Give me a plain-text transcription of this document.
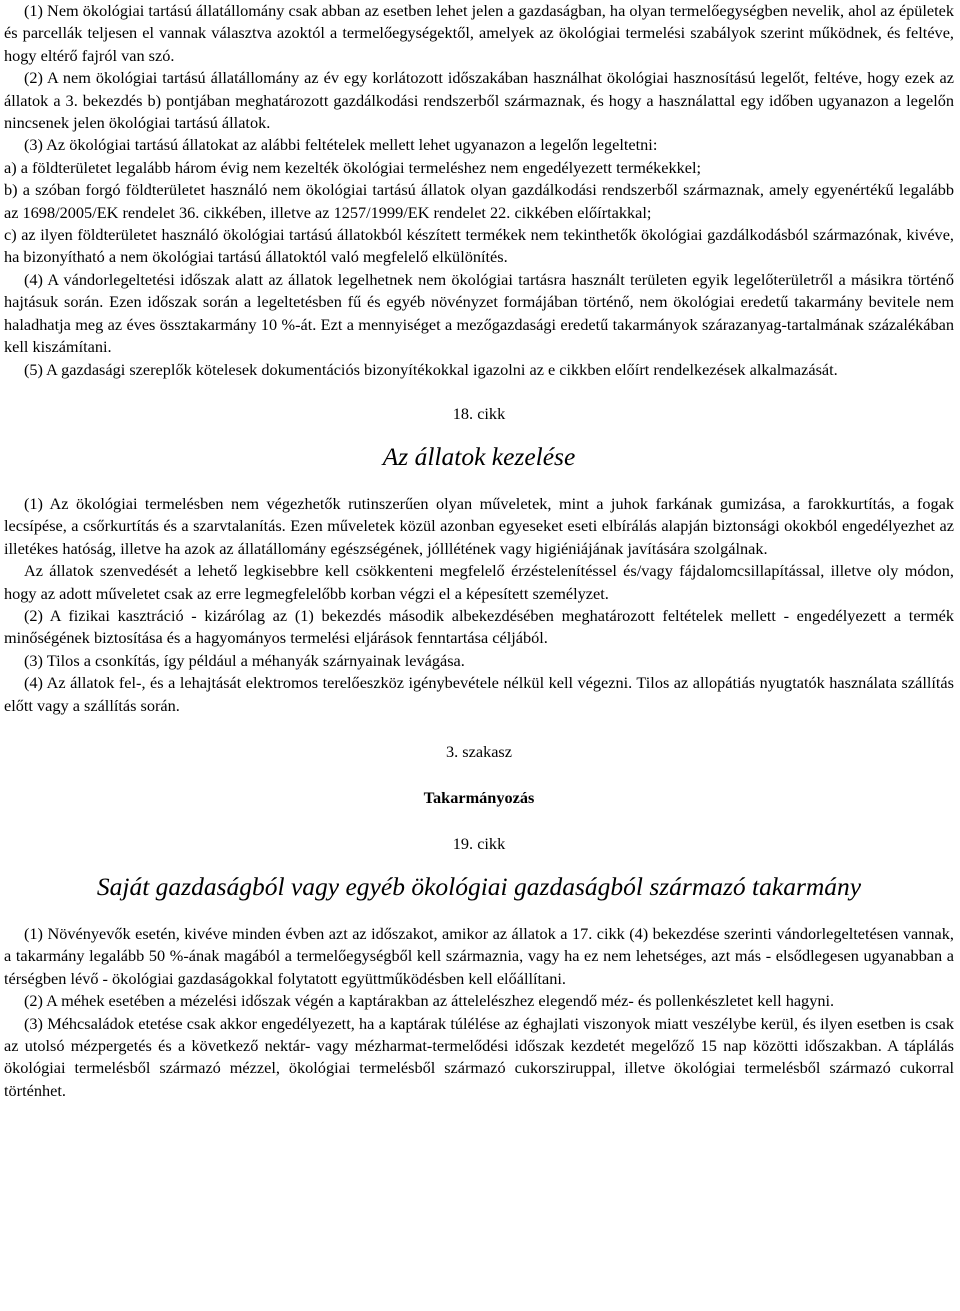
(1) Nem ökológiai tartású állatállomány csak abban az esetben lehet jelen a gazdaságban, ha olyan termelőegységben nevelik, ahol az épületek és parcellák teljesen el vannak választva azoktól a termelőegységektől, amelyek az ökológiai termelési szabályok szerint működnek, és feltéve, hogy eltérő fajról van szó.

(2) A nem ökológiai tartású állatállomány az év egy korlátozott időszakában használhat ökológiai hasznosítású legelőt, feltéve, hogy ezek az állatok a 3. bekezdés b) pontjában meghatározott gazdálkodási rendszerből származnak, és hogy a használattal egy időben ugyanazon a legelőn nincsenek jelen ökológiai tartású állatok.

(3) Az ökológiai tartású állatokat az alábbi feltételek mellett lehet ugyanazon a legelőn legeltetni:

a) a földterületet legalább három évig nem kezelték ökológiai termeléshez nem engedélyezett termékekkel;

b) a szóban forgó földterületet használó nem ökológiai tartású állatok olyan gazdálkodási rendszerből származnak, amely egyenértékű legalább az 1698/2005/EK rendelet 36. cikkében, illetve az 1257/1999/EK rendelet 22. cikkében előírtakkal;

c) az ilyen földterületet használó ökológiai tartású állatokból készített termékek nem tekinthetők ökológiai gazdálkodásból származónak, kivéve, ha bizonyítható a nem ökológiai tartású állatoktól való megfelelő elkülönítés.

(4) A vándorlegeltetési időszak alatt az állatok legelhetnek nem ökológiai tartásra használt területen egyik legelőterületről a másikra történő hajtásuk során. Ezen időszak során a legeltetésben fű és egyéb növényzet formájában történő, nem ökológiai eredetű takarmány bevitele nem haladhatja meg az éves össztakarmány 10 %-át. Ezt a mennyiséget a mezőgazdasági eredetű takarmányok szárazanyag-tartalmának százalékában kell kiszámítani.

(5) A gazdasági szereplők kötelesek dokumentációs bizonyítékokkal igazolni az e cikkben előírt rendelkezések alkalmazását.

18. cikk
Az állatok kezelése

(1) Az ökológiai termelésben nem végezhetők rutinszerűen olyan műveletek, mint a juhok farkának gumizása, a farokkurtítás, a fogak lecsípése, a csőrkurtítás és a szarvtalanítás. Ezen műveletek közül azonban egyeseket eseti elbírálás alapján biztonsági okokból engedélyezhet az illetékes hatóság, illetve ha azok az állatállomány egészségének, jólllétének vagy higiéniájának javítására szolgálnak.

Az állatok szenvedését a lehető legkisebbre kell csökkenteni megfelelő érzéstelenítéssel és/vagy fájdalomcsillapítással, illetve oly módon, hogy az adott műveletet csak az erre legmegfelelőbb korban végzi el a képesített személyzet.

(2) A fizikai kasztráció - kizárólag az (1) bekezdés második albekezdésében meghatározott feltételek mellett - engedélyezett a termék minőségének biztosítása és a hagyományos termelési eljárások fenntartása céljából.

(3) Tilos a csonkítás, így például a méhanyák szárnyainak levágása.

(4) Az állatok fel-, és a lehajtását elektromos terelőeszköz igénybevétele nélkül kell végezni. Tilos az allopátiás nyugtatók használata szállítás előtt vagy a szállítás során.

3. szakasz
Takarmányozás
19. cikk
Saját gazdaságból vagy egyéb ökológiai gazdaságból származó takarmány

(1) Növényevők esetén, kivéve minden évben azt az időszakot, amikor az állatok a 17. cikk (4) bekezdése szerinti vándorlegeltetésen vannak, a takarmány legalább 50 %-ának magából a termelőegységből kell származnia, vagy ha ez nem lehetséges, azt más - elsődlegesen ugyanabban a térségben lévő - ökológiai gazdaságokkal folytatott együttműködésben kell előállítani.

(2) A méhek esetében a mézelési időszak végén a kaptárakban az áttelelészhez elegendő méz- és pollenkészletet kell hagyni.

(3) Méhcsaládok etetése csak akkor engedélyezett, ha a kaptárak túlélése az éghajlati viszonyok miatt veszélybe kerül, és ilyen esetben is csak az utolsó mézpergetés és a következő nektár- vagy mézharmat-termelődési időszak kezdetét megelőző 15 nap közötti időszakban. A táplálás ökológiai termelésből származó mézzel, ökológiai termelésből származó cukorsziruppal, illetve ökológiai termelésből származó cukorral történhet.
